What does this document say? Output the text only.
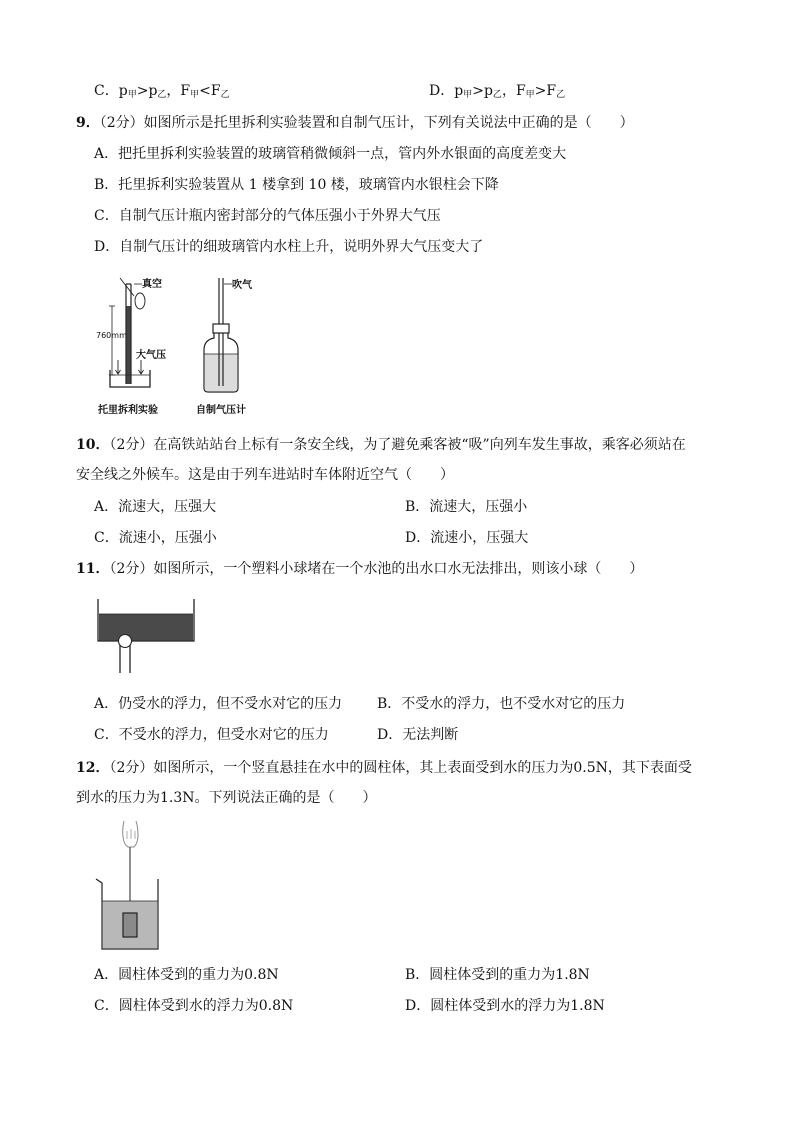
C．$p_甲>p_乙$，$F_甲<F_乙$	D．$p_甲>p_乙$，$F_甲>F_乙$
9．（2分）如图所示是托里拆利实验装置和自制气压计，下列有关说法中正确的是（　　）
A．把托里拆利实验装置的玻璃管稍微倾斜一点，管内外水银面的高度差变大
B．托里拆利实验装置从 1 楼拿到 10 楼，玻璃管内水银柱会下降
C．自制气压计瓶内密封部分的气体压强小于外界大气压
D．自制气压计的细玻璃管内水柱上升，说明外界大气压变大了
真空
760mm
大气压
托里拆利实验
吹气
自制气压计
10．（2分）在高铁站站台上标有一条安全线，为了避免乘客被“吸”向列车发生事故，乘客必须站在
安全线之外候车。这是由于列车进站时车体附近空气（　　）
A．流速大，压强大	B．流速大，压强小
C．流速小，压强小	D．流速小，压强大
11．（2分）如图所示，一个塑料小球堵在一个水池的出水口水无法排出，则该小球（　　）
A．仍受水的浮力，但不受水对它的压力 B．不受水的浮力，也不受水对它的压力
C．不受水的浮力，但受水对它的压力	D．无法判断
12．（2分）如图所示，一个竖直悬挂在水中的圆柱体，其上表面受到水的压力为0.5N，其下表面受
到水的压力为1.3N。下列说法正确的是（　　）
A．圆柱体受到的重力为0.8N	B．圆柱体受到的重力为1.8N
C．圆柱体受到水的浮力为0.8N	D．圆柱体受到水的浮力为1.8N
